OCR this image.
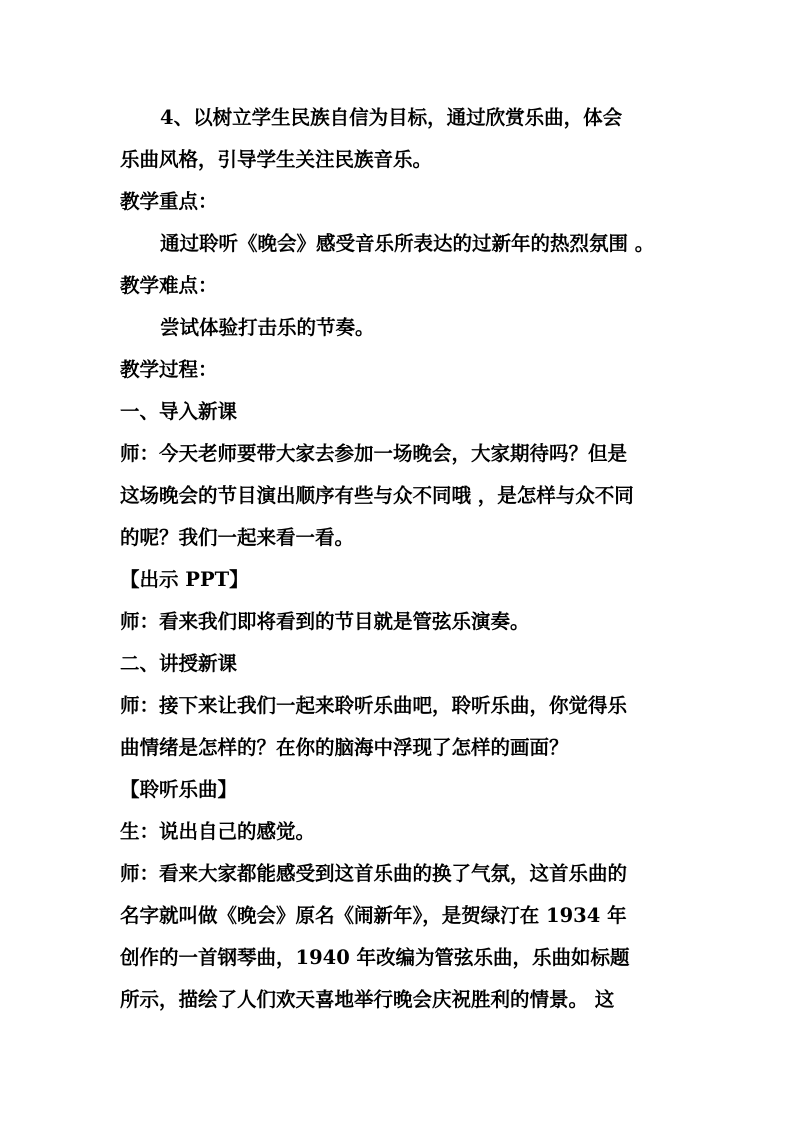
4、以树立学生民族自信为目标，通过欣赏乐曲，体会
乐曲风格，引导学生关注民族音乐。
教学重点：
通过聆听《晚会》感受音乐所表达的过新年的热烈氛围 。
教学难点：
尝试体验打击乐的节奏。
教学过程：
一、导入新课
师：今天老师要带大家去参加一场晚会，大家期待吗？但是
这场晚会的节目演出顺序有些与众不同哦 ，是怎样与众不同
的呢？我们一起来看一看。
【出示 PPT】
师：看来我们即将看到的节目就是管弦乐演奏。
二、讲授新课
师：接下来让我们一起来聆听乐曲吧，聆听乐曲，你觉得乐
曲情绪是怎样的？在你的脑海中浮现了怎样的画面？
【聆听乐曲】
生：说出自己的感觉。
师：看来大家都能感受到这首乐曲的换了气氛，这首乐曲的
名字就叫做《晚会》原名《闹新年》，是贺绿汀在 1934 年
创作的一首钢琴曲，1940 年改编为管弦乐曲，乐曲如标题
所示，描绘了人们欢天喜地举行晚会庆祝胜利的情景。 这
